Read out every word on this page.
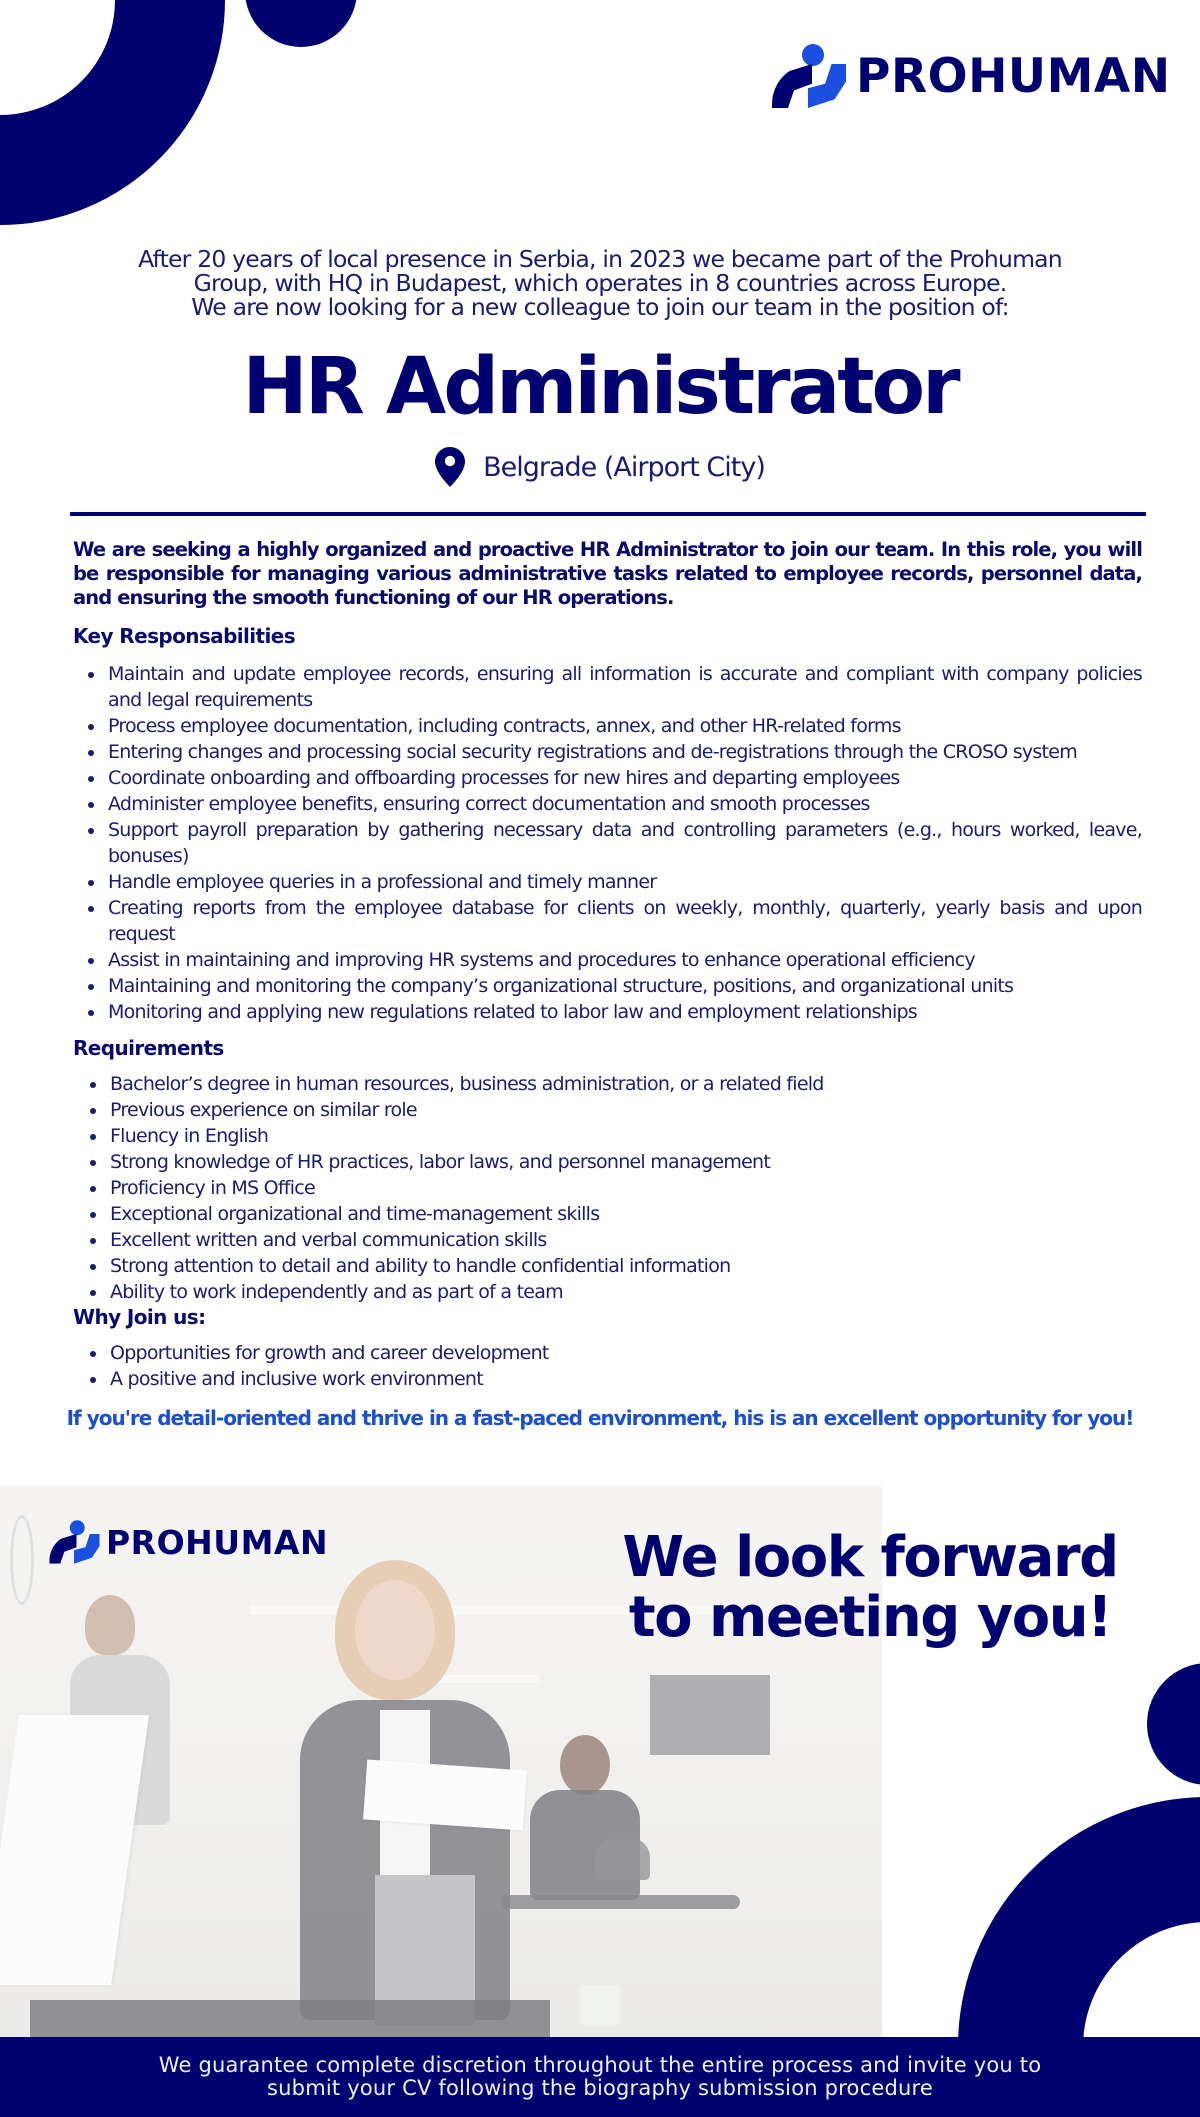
PROHUMAN
After 20 years of local presence in Serbia, in 2023 we became part of the Prohuman
Group, with HQ in Budapest, which operates in 8 countries across Europe.
We are now looking for a new colleague to join our team in the position of:
HR Administrator
Belgrade (Airport City)

We are seeking a highly organized and proactive HR Administrator to join our team. In this role, you will be responsible for managing various administrative tasks related to employee records, personnel data, and ensuring the smooth functioning of our HR operations.

Key Responsabilities
Maintain and update employee records, ensuring all information is accurate and compliant with company policies and legal requirements
Process employee documentation, including contracts, annex, and other HR-related forms
Entering changes and processing social security registrations and de-registrations through the CROSO system
Coordinate onboarding and offboarding processes for new hires and departing employees
Administer employee benefits, ensuring correct documentation and smooth processes
Support payroll preparation by gathering necessary data and controlling parameters (e.g., hours worked, leave, bonuses)
Handle employee queries in a professional and timely manner
Creating reports from the employee database for clients on weekly, monthly, quarterly, yearly basis and upon request
Assist in maintaining and improving HR systems and procedures to enhance operational efficiency
Maintaining and monitoring the company’s organizational structure, positions, and organizational units
Monitoring and applying new regulations related to labor law and employment relationships
Requirements
Bachelor’s degree in human resources, business administration, or a related field
Previous experience on similar role
Fluency in English
Strong knowledge of HR practices, labor laws, and personnel management
Proficiency in MS Office
Exceptional organizational and time-management skills
Excellent written and verbal communication skills
Strong attention to detail and ability to handle confidential information
Ability to work independently and as part of a team
Why Join us:
Opportunities for growth and career development
A positive and inclusive work environment

If you're detail-oriented and thrive in a fast-paced environment, his is an excellent opportunity for you!

PROHUMAN	We look forward
to meeting you!
We guarantee complete discretion throughout the entire process and invite you to
submit your CV following the biography submission procedure
